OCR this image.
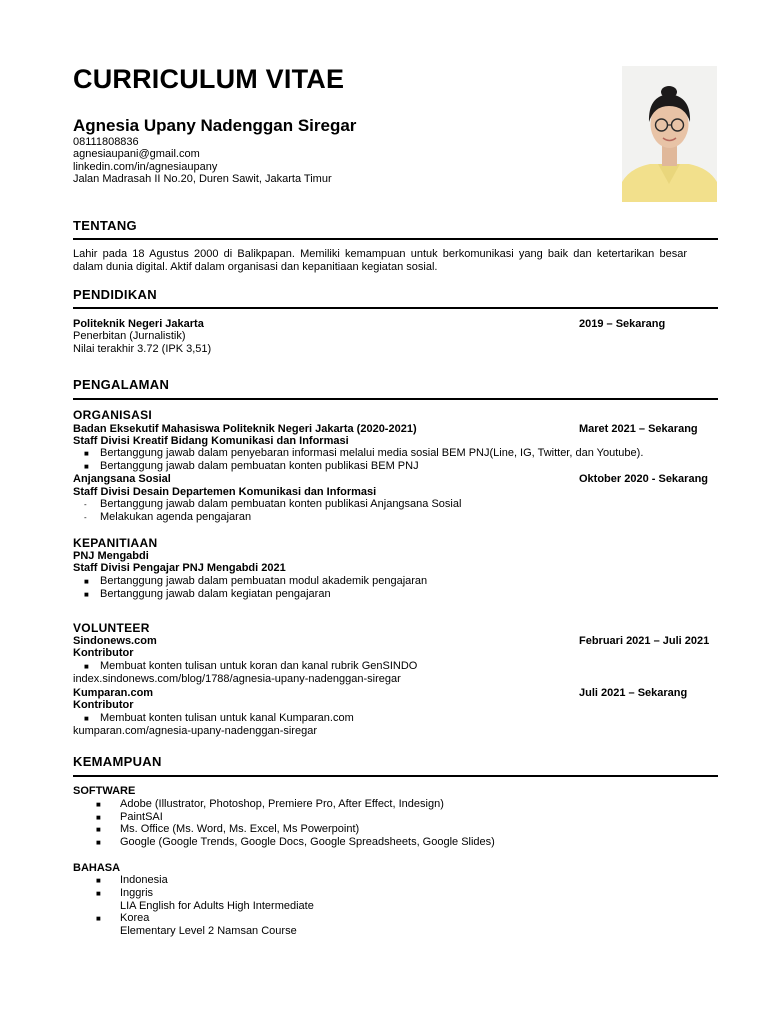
CURRICULUM VITAE
Agnesia Upany Nadenggan Siregar
08111808836
agnesiaupani@gmail.com
linkedin.com/in/agnesiaupany
Jalan Madrasah II No.20, Duren Sawit, Jakarta Timur
TENTANG
Lahir pada 18 Agustus 2000 di Balikpapan. Memiliki kemampuan untuk berkomunikasi yang baik dan ketertarikan besar dalam dunia digital. Aktif dalam organisasi dan kepanitiaan kegiatan sosial.
PENDIDIKAN
Politeknik Negeri Jakarta	2019 – Sekarang
Penerbitan (Jurnalistik)
Nilai terakhir 3.72 (IPK 3,51)
PENGALAMAN
ORGANISASI
Badan Eksekutif Mahasiswa Politeknik Negeri Jakarta (2020-2021)	Maret 2021 – Sekarang
Staff Divisi Kreatif Bidang Komunikasi dan Informasi
■ Bertanggung jawab dalam penyebaran informasi melalui media sosial BEM PNJ(Line, IG, Twitter, dan Youtube).
■ Bertanggung jawab dalam pembuatan konten publikasi BEM PNJ
Anjangsana Sosial	Oktober 2020 - Sekarang
Staff Divisi Desain Departemen Komunikasi dan Informasi
- Bertanggung jawab dalam pembuatan konten publikasi Anjangsana Sosial
- Melakukan agenda pengajaran
KEPANITIAAN
PNJ Mengabdi
Staff Divisi Pengajar PNJ Mengabdi 2021
■ Bertanggung jawab dalam pembuatan modul akademik pengajaran
■ Bertanggung jawab dalam kegiatan pengajaran
VOLUNTEER
Sindonews.com	Februari 2021 – Juli 2021
Kontributor
■ Membuat konten tulisan untuk koran dan kanal rubrik GenSINDO
index.sindonews.com/blog/1788/agnesia-upany-nadenggan-siregar
Kumparan.com	Juli 2021 – Sekarang
Kontributor
■ Membuat konten tulisan untuk kanal Kumparan.com
kumparan.com/agnesia-upany-nadenggan-siregar
KEMAMPUAN
SOFTWARE
■ Adobe (Illustrator, Photoshop, Premiere Pro, After Effect, Indesign)
■ PaintSAI
■ Ms. Office (Ms. Word, Ms. Excel, Ms Powerpoint)
■ Google (Google Trends, Google Docs, Google Spreadsheets, Google Slides)
BAHASA
■ Indonesia
■ Inggris
LIA English for Adults High Intermediate
■ Korea
Elementary Level 2 Namsan Course
